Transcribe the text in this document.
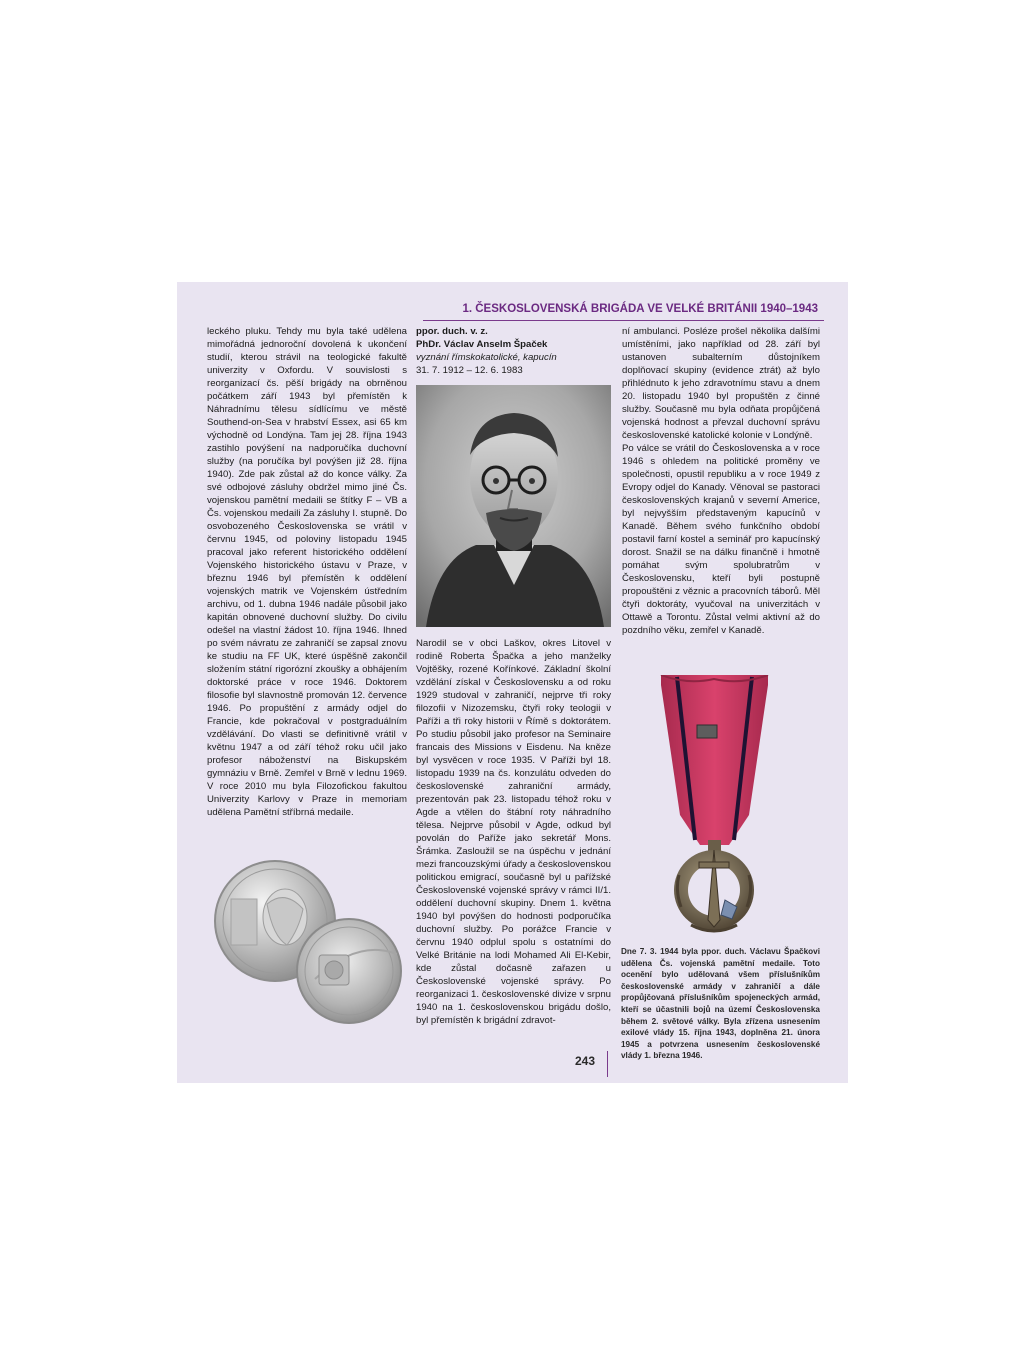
1. ČESKOSLOVENSKÁ BRIGÁDA VE VELKÉ BRITÁNII 1940–1943

leckého pluku. Tehdy mu byla také udělena mimořádná jednoroční dovolená k ukončení studií, kterou strávil na teologické fakultě univerzity v Oxfordu. V souvislosti s reorganizací čs. pěší brigády na obrněnou počátkem září 1943 byl přemístěn k Náhradnímu tělesu sídlícímu ve městě Southend-on-Sea v hrabství Essex, asi 65 km východně od Londýna. Tam jej 28. října 1943 zastihlo povýšení na nadporučíka duchovní služby (na poručíka byl povýšen již 28. října 1940). Zde pak zůstal až do konce války. Za své odbojové zásluhy obdržel mimo jiné Čs. vojenskou pamětní medaili se štítky F – VB a Čs. vojenskou medaili Za zásluhy I. stupně. Do osvobozeného Československa se vrátil v červnu 1945, od poloviny listopadu 1945 pracoval jako referent historického oddělení Vojenského historického ústavu v Praze, v březnu 1946 byl přemístěn k oddělení vojenských matrik ve Vojenském ústředním archivu, od 1. dubna 1946 nadále působil jako kapitán obnovené duchovní služby. Do civilu odešel na vlastní žádost 10. října 1946. Ihned po svém návratu ze zahraničí se zapsal znovu ke studiu na FF UK, které úspěšně zakončil složením státní rigorózní zkoušky a obhájením doktorské práce v roce 1946. Doktorem filosofie byl slavnostně promován 12. července 1946. Po propuštění z armády odjel do Francie, kde pokračoval v postgraduálním vzdělávání. Do vlasti se definitivně vrátil v květnu 1947 a od září téhož roku učil jako profesor náboženství na Biskupském gymnáziu v Brně. Zemřel v Brně v lednu 1969. V roce 2010 mu byla Filozofickou fakultou Univerzity Karlovy v Praze in memoriam udělena Pamětní stříbrná medaile.

ppor. duch. v. z.

PhDr. Václav Anselm Špaček

vyznání římskokatolické, kapucín

31. 7. 1912 – 12. 6. 1983

Narodil se v obci Laškov, okres Litovel v rodině Roberta Špačka a jeho manželky Vojtěšky, rozené Kořínkové. Základní školní vzdělání získal v Československu a od roku 1929 studoval v zahraničí, nejprve tři roky filozofii v Nizozemsku, čtyři roky teologii v Paříži a tři roky historii v Římě s doktorátem. Po studiu působil jako profesor na Seminaire francais des Missions v Eisdenu. Na kněze byl vysvěcen v roce 1935. V Paříži byl 18. listopadu 1939 na čs. konzulátu odveden do československé zahraniční armády, prezentován pak 23. listopadu téhož roku v Agde a vtělen do štábní roty náhradního tělesa. Nejprve působil v Agde, odkud byl povolán do Paříže jako sekretář Mons. Šrámka. Zasloužil se na úspěchu v jednání mezi francouzskými úřady a československou politickou emigrací, současně byl u pařížské Československé vojenské správy v rámci II/1. oddělení duchovní skupiny. Dnem 1. května 1940 byl povýšen do hodnosti podporučíka duchovní služby. Po porážce Francie v červnu 1940 odplul spolu s ostatními do Velké Británie na lodi Mohamed Ali El-Kebir, kde zůstal dočasně zařazen u Československé vojenské správy. Po reorganizaci 1. československé divize v srpnu 1940 na 1. československou brigádu došlo, byl přemístěn k brigádní zdravot-

ní ambulanci. Posléze prošel několika dalšími umístěními, jako například od 28. září byl ustanoven subalterním důstojníkem doplňovací skupiny (evidence ztrát) až bylo přihlédnuto k jeho zdravotnímu stavu a dnem 20. listopadu 1940 byl propuštěn z činné služby. Současně mu byla odňata propůjčená vojenská hodnost a převzal duchovní správu československé katolické kolonie v Londýně.

Po válce se vrátil do Československa a v roce 1946 s ohledem na politické proměny ve společnosti, opustil republiku a v roce 1949 z Evropy odjel do Kanady. Věnoval se pastoraci československých krajanů v severní Americe, byl nejvyšším představeným kapucínů v Kanadě. Během svého funkčního období postavil farní kostel a seminář pro kapucínský dorost. Snažil se na dálku finančně i hmotně pomáhat svým spolubratrům v Československu, kteří byli postupně propouštěni z věznic a pracovních táborů. Měl čtyři doktoráty, vyučoval na univerzitách v Ottawě a Torontu. Zůstal velmi aktivní až do pozdního věku, zemřel v Kanadě.

Dne 7. 3. 1944 byla ppor. duch. Václavu Špačkovi udělena Čs. vojenská pamětní medaile. Toto ocenění bylo udělovaná všem příslušníkům československé armády v zahraničí a dále propůjčovaná příslušníkům spojeneckých armád, kteří se účastnili bojů na území Československa během 2. světové války. Byla zřízena usnesením exilové vlády 15. října 1943, doplněna 21. února 1945 a potvrzena usnesením československé vlády 1. března 1946.
243
